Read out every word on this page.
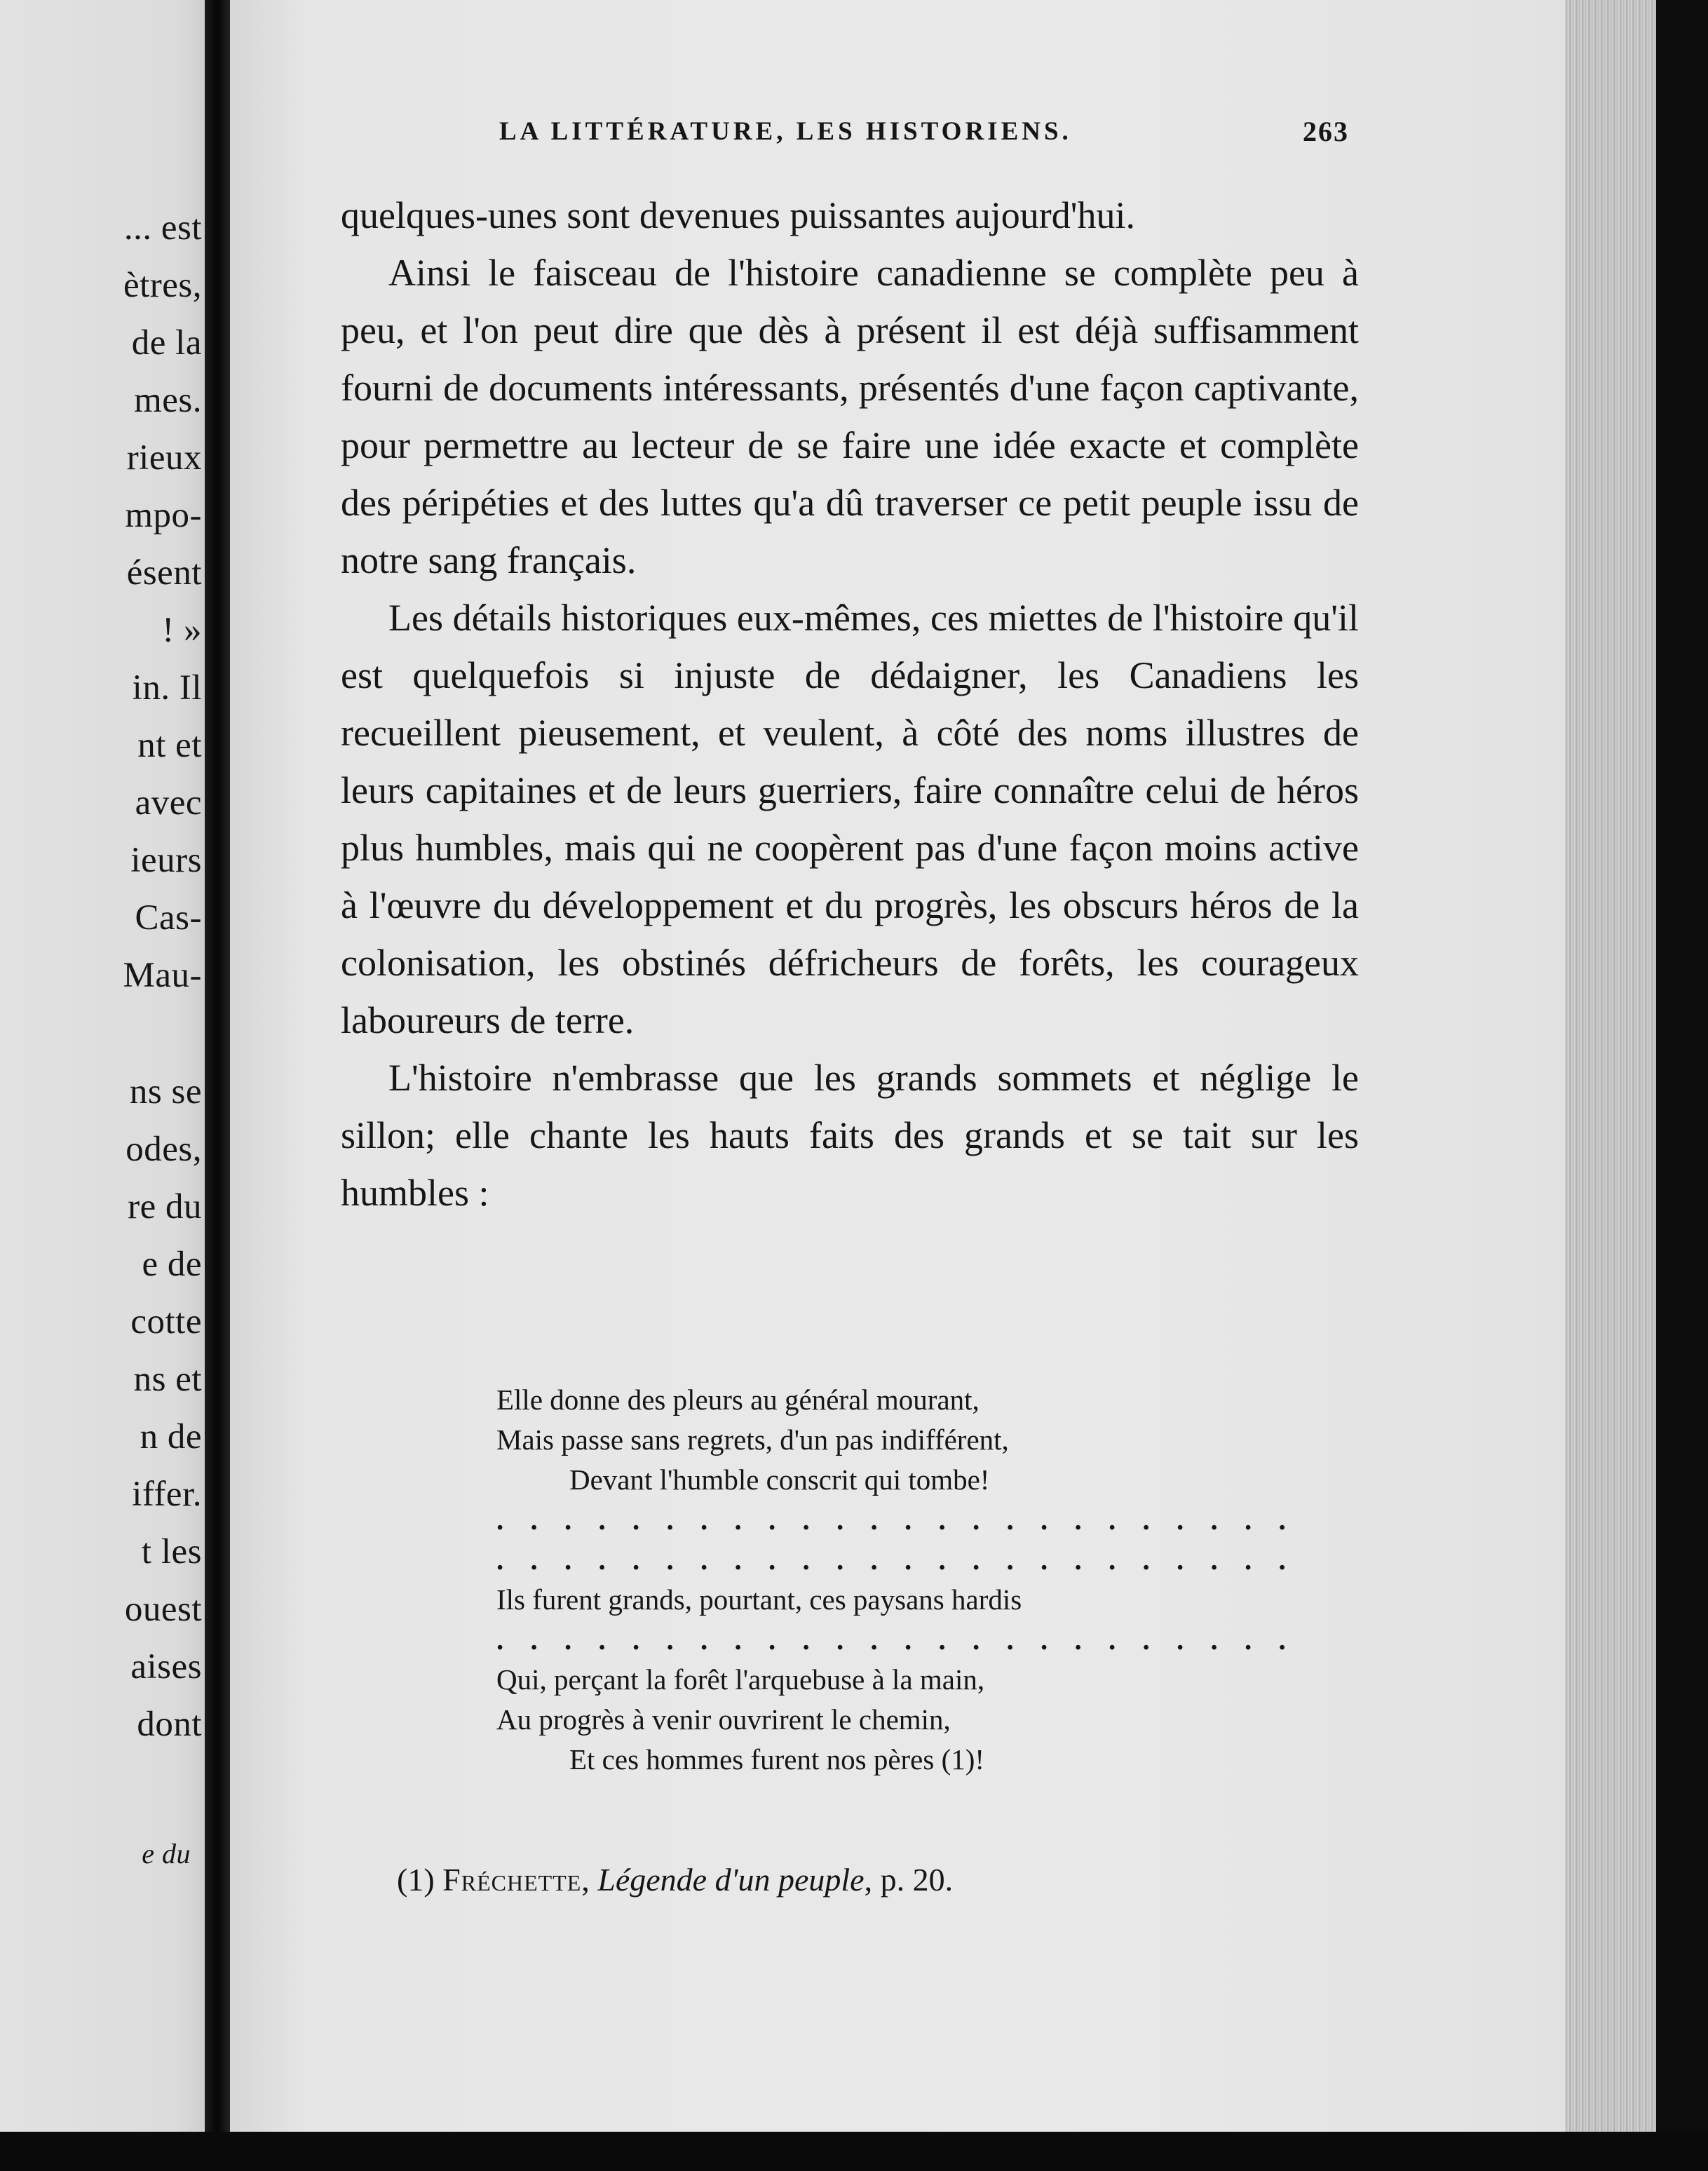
... est
ètres,
de la
mes.
rieux
mpo-
ésent
! »
in. Il
nt et
avec
ieurs
Cas-
Mau-
ns se
odes,
re du
e de
cotte
ns et
n de
iffer.
t les
ouest
aises
dont
e du
LA LITTÉRATURE, LES HISTORIENS.	263

quelques-unes sont devenues puissantes aujourd'hui.

Ainsi le faisceau de l'histoire canadienne se complète peu à peu, et l'on peut dire que dès à présent il est déjà suffisamment fourni de documents intéressants, présentés d'une façon captivante, pour permettre au lecteur de se faire une idée exacte et complète des péripéties et des luttes qu'a dû traverser ce petit peuple issu de notre sang français.

Les détails historiques eux-mêmes, ces miettes de l'histoire qu'il est quelquefois si injuste de dédaigner, les Canadiens les recueillent pieusement, et veulent, à côté des noms illustres de leurs capitaines et de leurs guerriers, faire connaître celui de héros plus humbles, mais qui ne coopèrent pas d'une façon moins active à l'œuvre du développement et du progrès, les obscurs héros de la colonisation, les obstinés défricheurs de forêts, les courageux laboureurs de terre.

L'histoire n'embrasse que les grands sommets et néglige le sillon; elle chante les hauts faits des grands et se tait sur les humbles :

Elle donne des pleurs au général mourant,
Mais passe sans regrets, d'un pas indifférent,
Devant l'humble conscrit qui tombe!
. . . . . . . . . . . . . . . . . . . . . . . .
. . . . . . . . . . . . . . . . . . . . . . . .
Ils furent grands, pourtant, ces paysans hardis
. . . . . . . . . . . . . . . . . . . . . . . .
Qui, perçant la forêt l'arquebuse à la main,
Au progrès à venir ouvrirent le chemin,
Et ces hommes furent nos pères (1)!
(1) Fréchette, Légende d'un peuple, p. 20.
